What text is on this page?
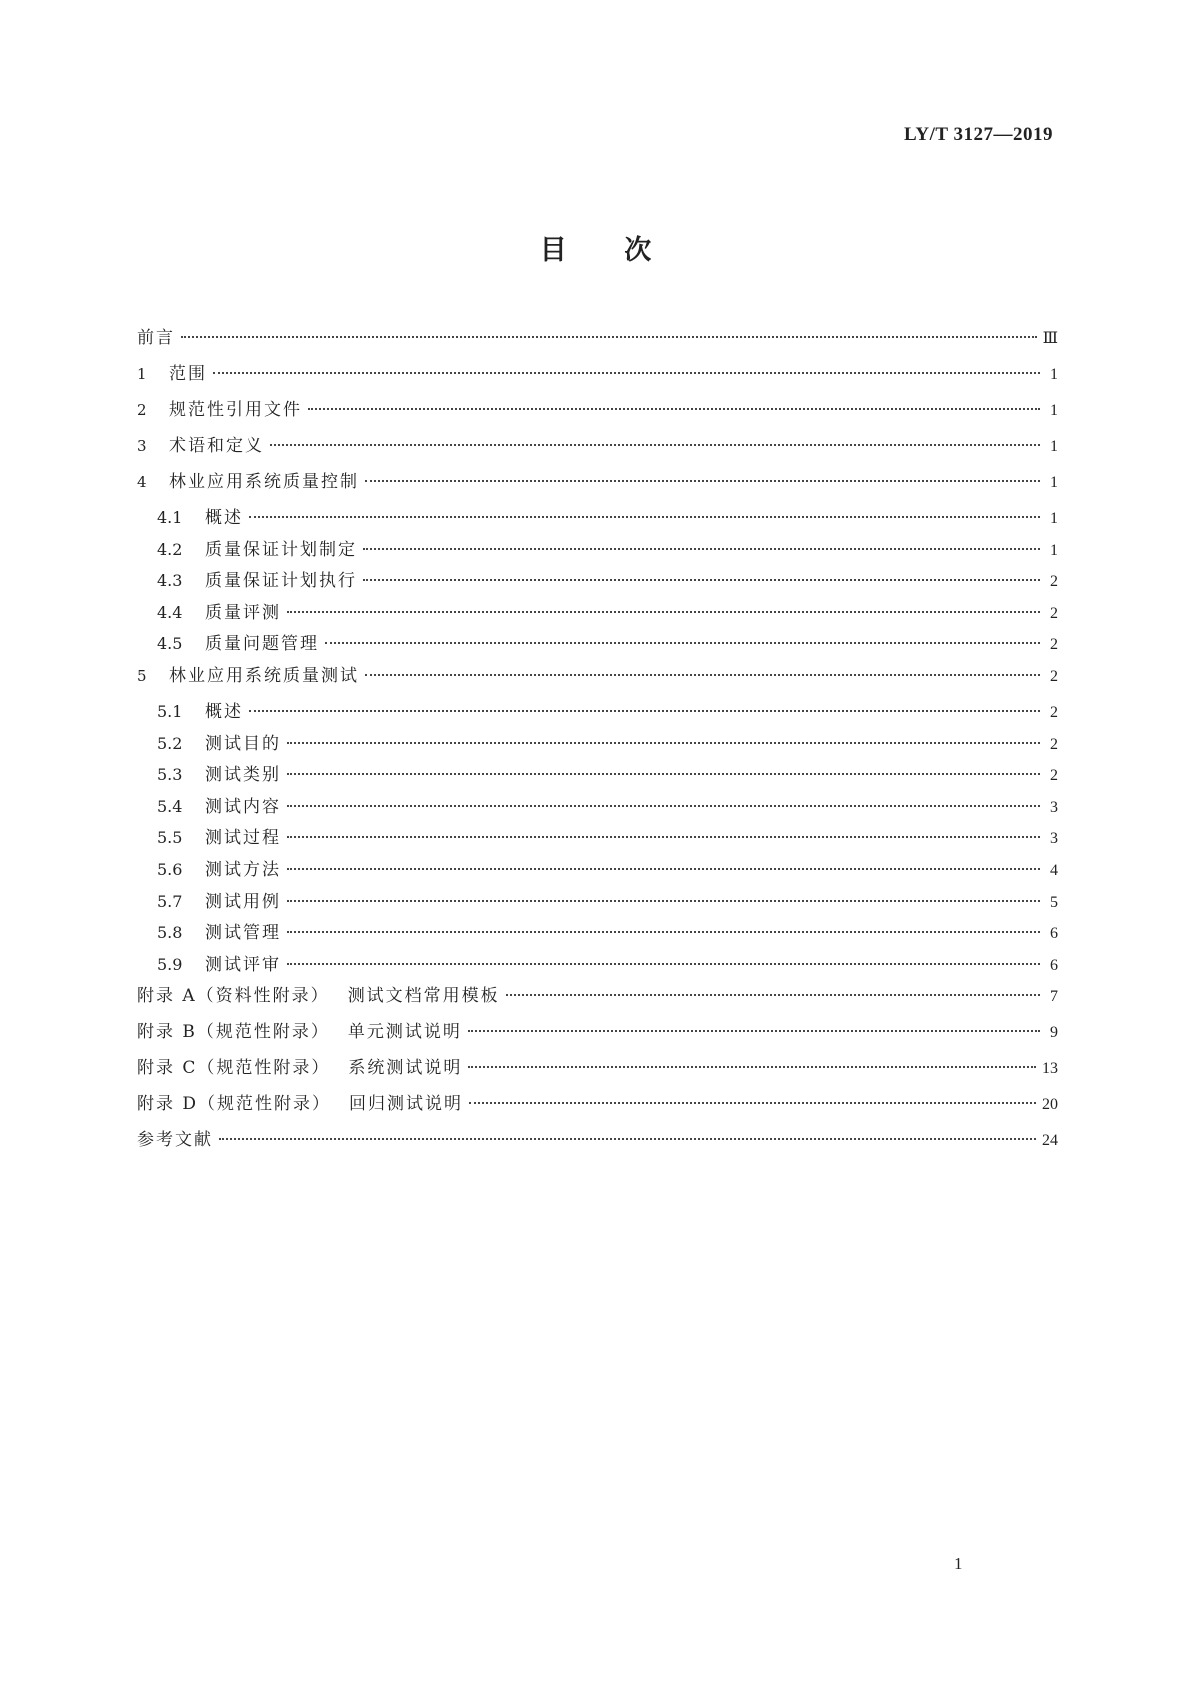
LY/T 3127—2019
目 次
前言	Ⅲ
1	范围	1
2	规范性引用文件	1
3	术语和定义	1
4	林业应用系统质量控制	1
4.1	概述	1
4.2	质量保证计划制定	1
4.3	质量保证计划执行	2
4.4	质量评测	2
4.5	质量问题管理	2
5	林业应用系统质量测试	2
5.1	概述	2
5.2	测试目的	2
5.3	测试类别	2
5.4	测试内容	3
5.5	测试过程	3
5.6	测试方法	4
5.7	测试用例	5
5.8	测试管理	6
5.9	测试评审	6
附录 A（资料性附录） 测试文档常用模板	7
附录 B（规范性附录） 单元测试说明	9
附录 C（规范性附录） 系统测试说明	13
附录 D（规范性附录） 回归测试说明	20
参考文献	24
1
